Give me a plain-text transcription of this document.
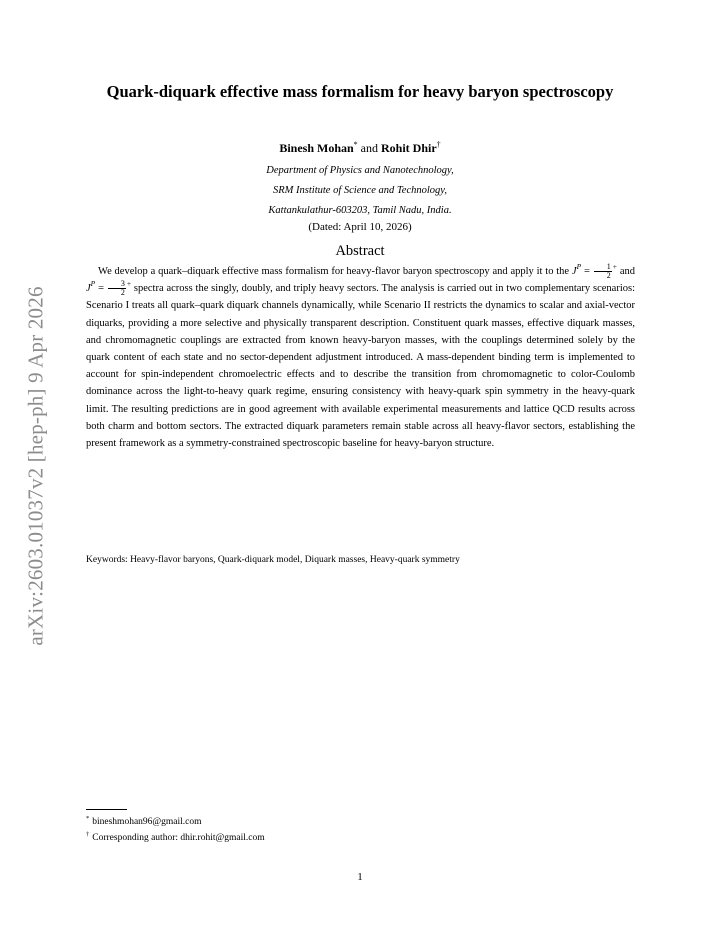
arXiv:2603.01037v2 [hep-ph] 9 Apr 2026
Quark-diquark effective mass formalism for heavy baryon spectroscopy
Binesh Mohan* and Rohit Dhir†
Department of Physics and Nanotechnology,
SRM Institute of Science and Technology,
Kattankulathur-603203, Tamil Nadu, India.
(Dated: April 10, 2026)
Abstract
We develop a quark–diquark effective mass formalism for heavy-flavor baryon spectroscopy and apply it to the $J^P = \frac{1}{2} ^+$ and $J^P = \frac{3}{2} ^+$ spectra across the singly, doubly, and triply heavy sectors. The analysis is carried out in two complementary scenarios: Scenario I treats all quark–quark diquark channels dynamically, while Scenario II restricts the dynamics to scalar and axial-vector diquarks, providing a more selective and physically transparent description. Constituent quark masses, effective diquark masses, and chromomagnetic couplings are extracted from known heavy-baryon masses, with the couplings determined solely by the quark content of each state and no sector-dependent adjustment introduced. A mass-dependent binding term is implemented to account for spin-independent chromoelectric effects and to describe the transition from chromomagnetic to color-Coulomb dominance across the light-to-heavy quark regime, ensuring consistency with heavy-quark spin symmetry in the heavy-quark limit. The resulting predictions are in good agreement with available experimental measurements and lattice QCD results across both charm and bottom sectors. The extracted diquark parameters remain stable across all heavy-flavor sectors, establishing the present framework as a symmetry-constrained spectroscopic baseline for heavy-baryon structure.
Keywords: Heavy-flavor baryons, Quark-diquark model, Diquark masses, Heavy-quark symmetry
* bineshmohan96@gmail.com
† Corresponding author: dhir.rohit@gmail.com
1
